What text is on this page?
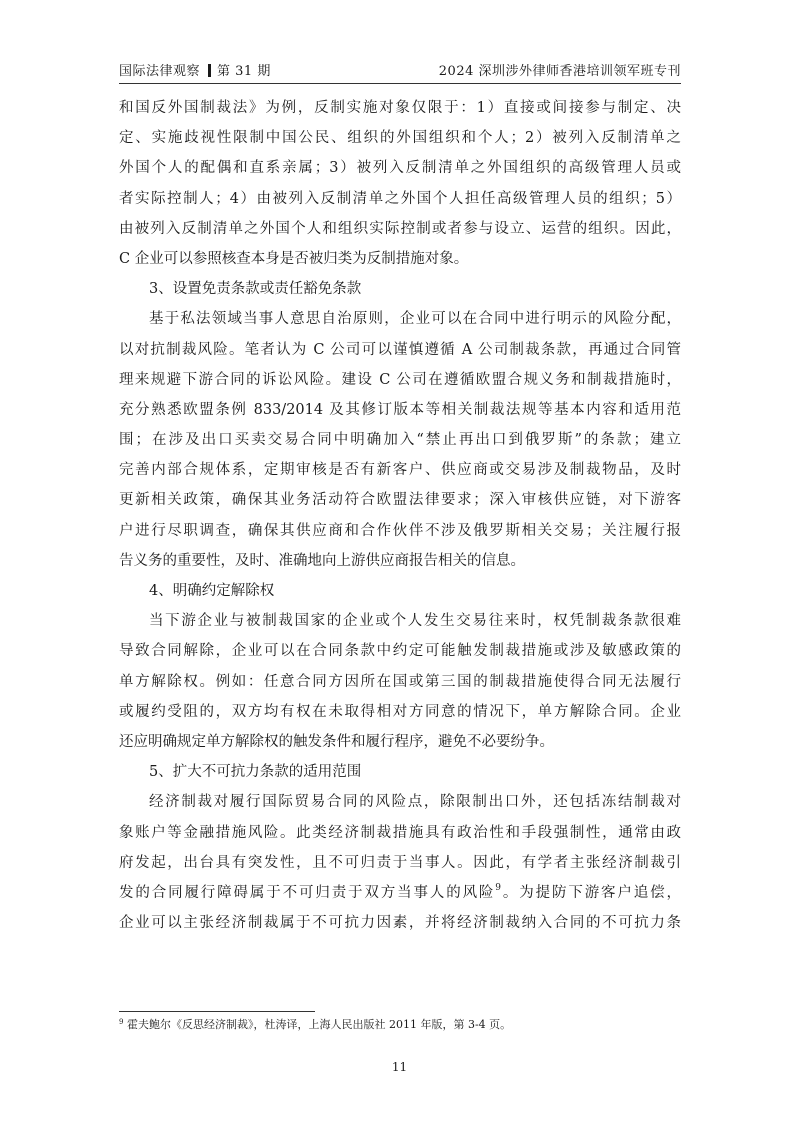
国际法律观察 第 31 期	2024 深圳涉外律师香港培训领军班专刊
和国反外国制裁法》为例，反制实施对象仅限于：1）直接或间接参与制定、决
定、实施歧视性限制中国公民、组织的外国组织和个人；2）被列入反制清单之
外国个人的配偶和直系亲属；3）被列入反制清单之外国组织的高级管理人员或
者实际控制人；4）由被列入反制清单之外国个人担任高级管理人员的组织；5）
由被列入反制清单之外国个人和组织实际控制或者参与设立、运营的组织。因此，
C 企业可以参照核查本身是否被归类为反制措施对象。
3、设置免责条款或责任豁免条款
基于私法领域当事人意思自治原则，企业可以在合同中进行明示的风险分配，
以对抗制裁风险。笔者认为 C 公司可以谨慎遵循 A 公司制裁条款，再通过合同管
理来规避下游合同的诉讼风险。建设 C 公司在遵循欧盟合规义务和制裁措施时，
充分熟悉欧盟条例 833/2014 及其修订版本等相关制裁法规等基本内容和适用范
围；在涉及出口买卖交易合同中明确加入“禁止再出口到俄罗斯”的条款；建立
完善内部合规体系，定期审核是否有新客户、供应商或交易涉及制裁物品，及时
更新相关政策，确保其业务活动符合欧盟法律要求；深入审核供应链，对下游客
户进行尽职调查，确保其供应商和合作伙伴不涉及俄罗斯相关交易；关注履行报
告义务的重要性，及时、准确地向上游供应商报告相关的信息。
4、明确约定解除权
当下游企业与被制裁国家的企业或个人发生交易往来时，权凭制裁条款很难
导致合同解除，企业可以在合同条款中约定可能触发制裁措施或涉及敏感政策的
单方解除权。例如：任意合同方因所在国或第三国的制裁措施使得合同无法履行
或履约受阻的，双方均有权在未取得相对方同意的情况下，单方解除合同。企业
还应明确规定单方解除权的触发条件和履行程序，避免不必要纷争。
5、扩大不可抗力条款的适用范围
经济制裁对履行国际贸易合同的风险点，除限制出口外，还包括冻结制裁对
象账户等金融措施风险。此类经济制裁措施具有政治性和手段强制性，通常由政
府发起，出台具有突发性，且不可归责于当事人。因此，有学者主张经济制裁引
发的合同履行障碍属于不可归责于双方当事人的风险$^9$。为提防下游客户追偿，
企业可以主张经济制裁属于不可抗力因素，并将经济制裁纳入合同的不可抗力条
$^9$ 霍夫鲍尔《反思经济制裁》，杜涛译，上海人民出版社 2011 年版，第 3-4 页。
11
